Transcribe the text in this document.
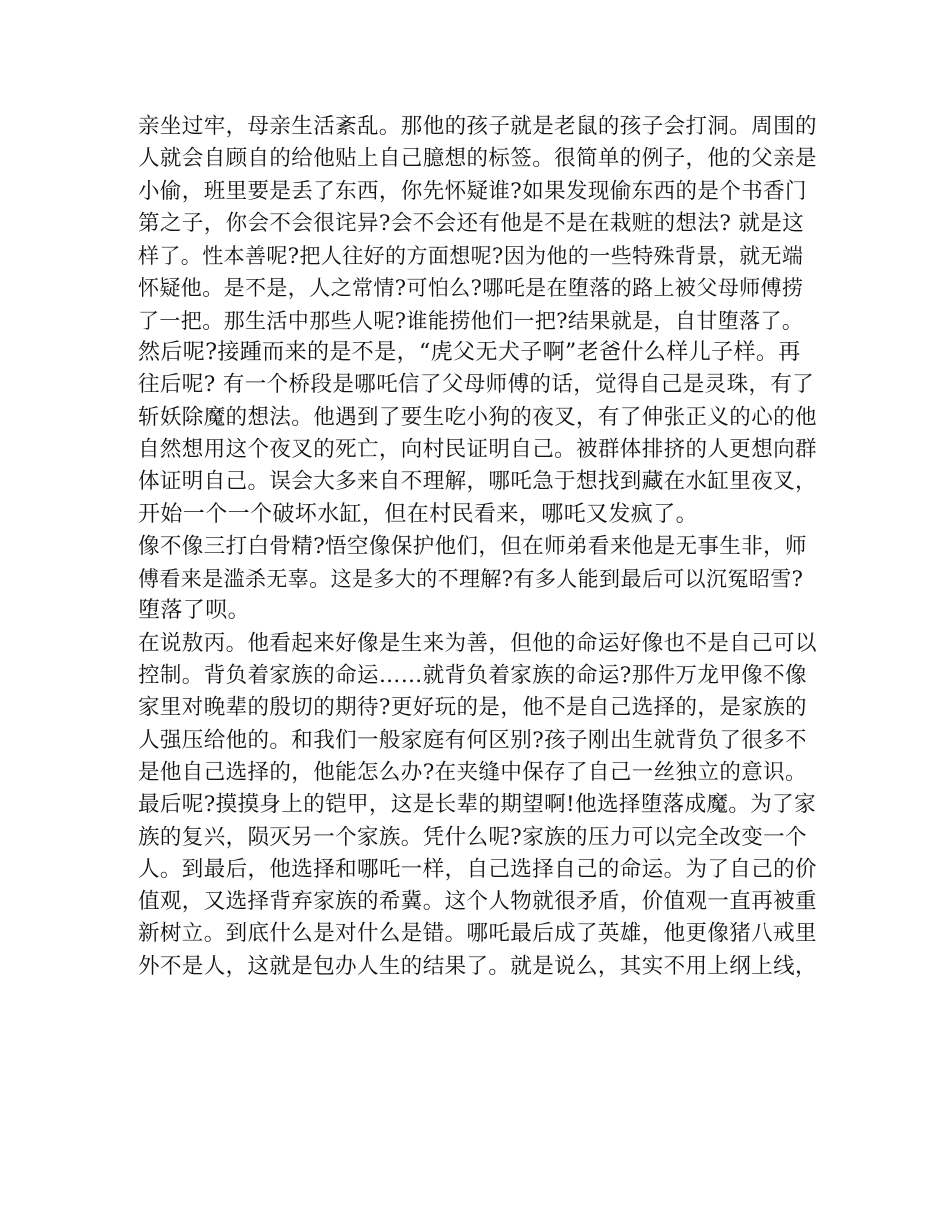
亲坐过牢，母亲生活紊乱。那他的孩子就是老鼠的孩子会打洞。周围的
人就会自顾自的给他贴上自己臆想的标签。很简单的例子，他的父亲是
小偷，班里要是丢了东西，你先怀疑谁?如果发现偷东西的是个书香门
第之子，你会不会很诧异?会不会还有他是不是在栽赃的想法? 就是这
样了。性本善呢?把人往好的方面想呢?因为他的一些特殊背景，就无端
怀疑他。是不是，人之常情?可怕么?哪吒是在堕落的路上被父母师傅捞
了一把。那生活中那些人呢?谁能捞他们一把?结果就是，自甘堕落了。
然后呢?接踵而来的是不是，“虎父无犬子啊”老爸什么样儿子样。再
往后呢? 有一个桥段是哪吒信了父母师傅的话，觉得自己是灵珠，有了
斩妖除魔的想法。他遇到了要生吃小狗的夜叉，有了伸张正义的心的他
自然想用这个夜叉的死亡，向村民证明自己。被群体排挤的人更想向群
体证明自己。误会大多来自不理解，哪吒急于想找到藏在水缸里夜叉，
开始一个一个破坏水缸，但在村民看来，哪吒又发疯了。
像不像三打白骨精?悟空像保护他们，但在师弟看来他是无事生非，师
傅看来是滥杀无辜。这是多大的不理解?有多人能到最后可以沉冤昭雪?
堕落了呗。
在说敖丙。他看起来好像是生来为善，但他的命运好像也不是自己可以
控制。背负着家族的命运……就背负着家族的命运?那件万龙甲像不像
家里对晚辈的殷切的期待?更好玩的是，他不是自己选择的，是家族的
人强压给他的。和我们一般家庭有何区别?孩子刚出生就背负了很多不
是他自己选择的，他能怎么办?在夹缝中保存了自己一丝独立的意识。
最后呢?摸摸身上的铠甲，这是长辈的期望啊!他选择堕落成魔。为了家
族的复兴，陨灭另一个家族。凭什么呢?家族的压力可以完全改变一个
人。到最后，他选择和哪吒一样，自己选择自己的命运。为了自己的价
值观，又选择背弃家族的希冀。这个人物就很矛盾，价值观一直再被重
新树立。到底什么是对什么是错。哪吒最后成了英雄，他更像猪八戒里
外不是人，这就是包办人生的结果了。就是说么，其实不用上纲上线，
